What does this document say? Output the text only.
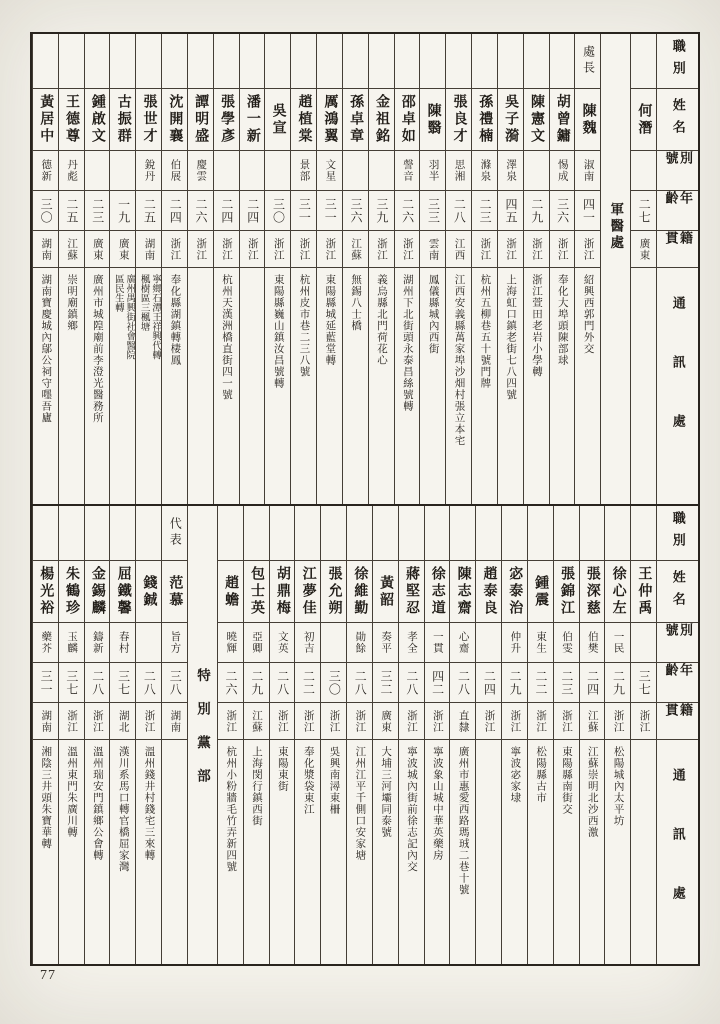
職別
姓名
別號
年齡
籍貫
通訊處
何潛
二七
廣東
軍醫處
處長
陳魏
淑南
四一
浙江
紹興西郭門外交
胡曾鏞
惕成
三六
浙江
奉化大埠頭陳部球
陳憲文
二九
浙江
浙江萱田老岩小學轉
吳子漪
澤泉
四五
浙江
上海虹口鎮老街七八四號
孫禮楠
滌泉
二三
浙江
杭州五柳巷五十號門牌
張良才
思湘
二八
江西
江西安義縣萬家埠沙畑村張立本宅
陳翳
羽半
三三
雲南
鳳儀縣城內西街
邵卓如
謦音
二六
浙江
湖州下北街頭永泰昌絲號轉
金祖銘
三九
浙江
義烏縣北門荷花心
孫卓章
三六
江蘇
無錫八士橋
厲鴻翼
文星
三一
浙江
東陽縣城延藍堂轉
趙植棠
景部
三一
浙江
杭州皮市巷二三八號
吳宣
三〇
浙江
東陽縣巍山鎮汝昌號轉
潘一新
二四
浙江
張學彥
二四
浙江
杭州天漢洲橋直街四一號
譚明盛
慶雲
二六
浙江
沈開襄
伯展
二四
浙江
奉化縣湖鎮轉棲鳳
張世才
銳丹
二五
湖南
寧鄉石潭王祥興代轉
楓樹區三楓塘
古振群
一九
廣東
廣州禺興街社會醫院
區民生轉
鍾啟文
二三
廣東
廣州市城隍廟前李澄光醫務所
王德尊
丹彪
二五
江蘇
崇明廟鎮鄉
黃居中
德新
三〇
湖南
湖南寶慶城內鄔公祠守嚜吾廬
職別
姓名
別號
年齡
籍貫
通訊處
王仲禹
三七
浙江
徐心左
一民
二九
浙江
松陽城內太平坊
張深慈
伯樊
二四
江蘇
江蘇崇明北沙西激
張錦江
伯雯
二三
浙江
東陽縣南街交
鍾震
東生
二二
浙江
松陽縣古市
宓泰治
仲升
二九
浙江
寧波宓家埭
趙泰良
二四
浙江
陳志齋
心齋
二八
直隸
廣州市惠愛西路瑪珬二巷十號
徐志道
一貫
四二
浙江
寧波象山城中華英藥房
蔣堅忍
孝全
二八
浙江
寧波城內街前徐志記內交
黃韶
奏平
三二
廣東
大埔三河壩同泰號
徐維勤
勛餘
二八
浙江
江州江平千側口安家塘
張允朔
三〇
浙江
吳興南潯東柵
江夢佳
初吉
二二
浙江
奉化漿袋東江
胡鼎梅
文英
二八
浙江
東陽東街
包士英
亞卿
二九
江蘇
上海閔行鎮西街
趙蟾
曉輝
二六
浙江
杭州小粉牆毛竹弄新四號
特別黨部
代表
范慕
旨方
三八
湖南
錢鋮
二八
浙江
溫州錢井村錢宅三來轉
屈鐵馨
春村
三七
湖北
漢川系馬口轉官橋屈家灣
金錫麟
鑄新
二八
浙江
溫州瑞安門鎮鄉公會轉
朱鶴珍
玉麟
三七
浙江
溫州東門朱廣川轉
楊光裕
藥芥
三一
湖南
湘陰三井頭朱寶華轉
77
